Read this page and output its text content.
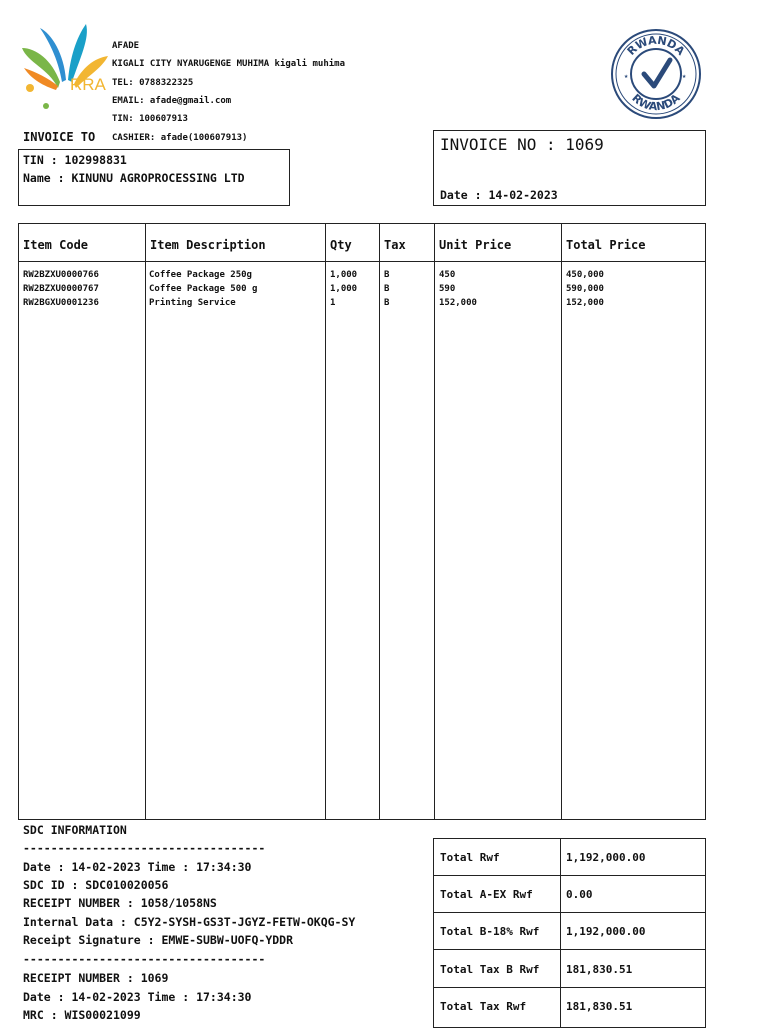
RRA
AFADE
KIGALI CITY NYARUGENGE MUHIMA kigali muhima
TEL: 0788322325
EMAIL: afade@gmail.com
TIN: 100607913
CASHIER: afade(100607913)
RWANDA
RWANDA
★	★
INVOICE TO
TIN : 102998831
Name : KINUNU AGROPROCESSING LTD
INVOICE NO : 1069
Date : 14-02-2023
Item Code	Item Description	Qty	Tax	Unit Price	Total Price
RW2BZXU0000766	Coffee Package 250g	1,000	B	450	450,000
RW2BZXU0000767	Coffee Package 500 g	1,000	B	590	590,000
RW2BGXU0001236	Printing Service	1	B	152,000	152,000
SDC INFORMATION
-----------------------------------
Date : 14-02-2023 Time : 17:34:30
SDC ID : SDC010020056
RECEIPT NUMBER : 1058/1058NS
Internal Data : C5Y2-SYSH-GS3T-JGYZ-FETW-OKQG-SY
Receipt Signature : EMWE-SUBW-UOFQ-YDDR
-----------------------------------
RECEIPT NUMBER : 1069
Date : 14-02-2023 Time : 17:34:30
MRC : WIS00021099
Total Rwf	1,192,000.00
Total A-EX Rwf	0.00
Total B-18% Rwf 1,192,000.00
Total Tax B Rwf 181,830.51
Total Tax Rwf	181,830.51
